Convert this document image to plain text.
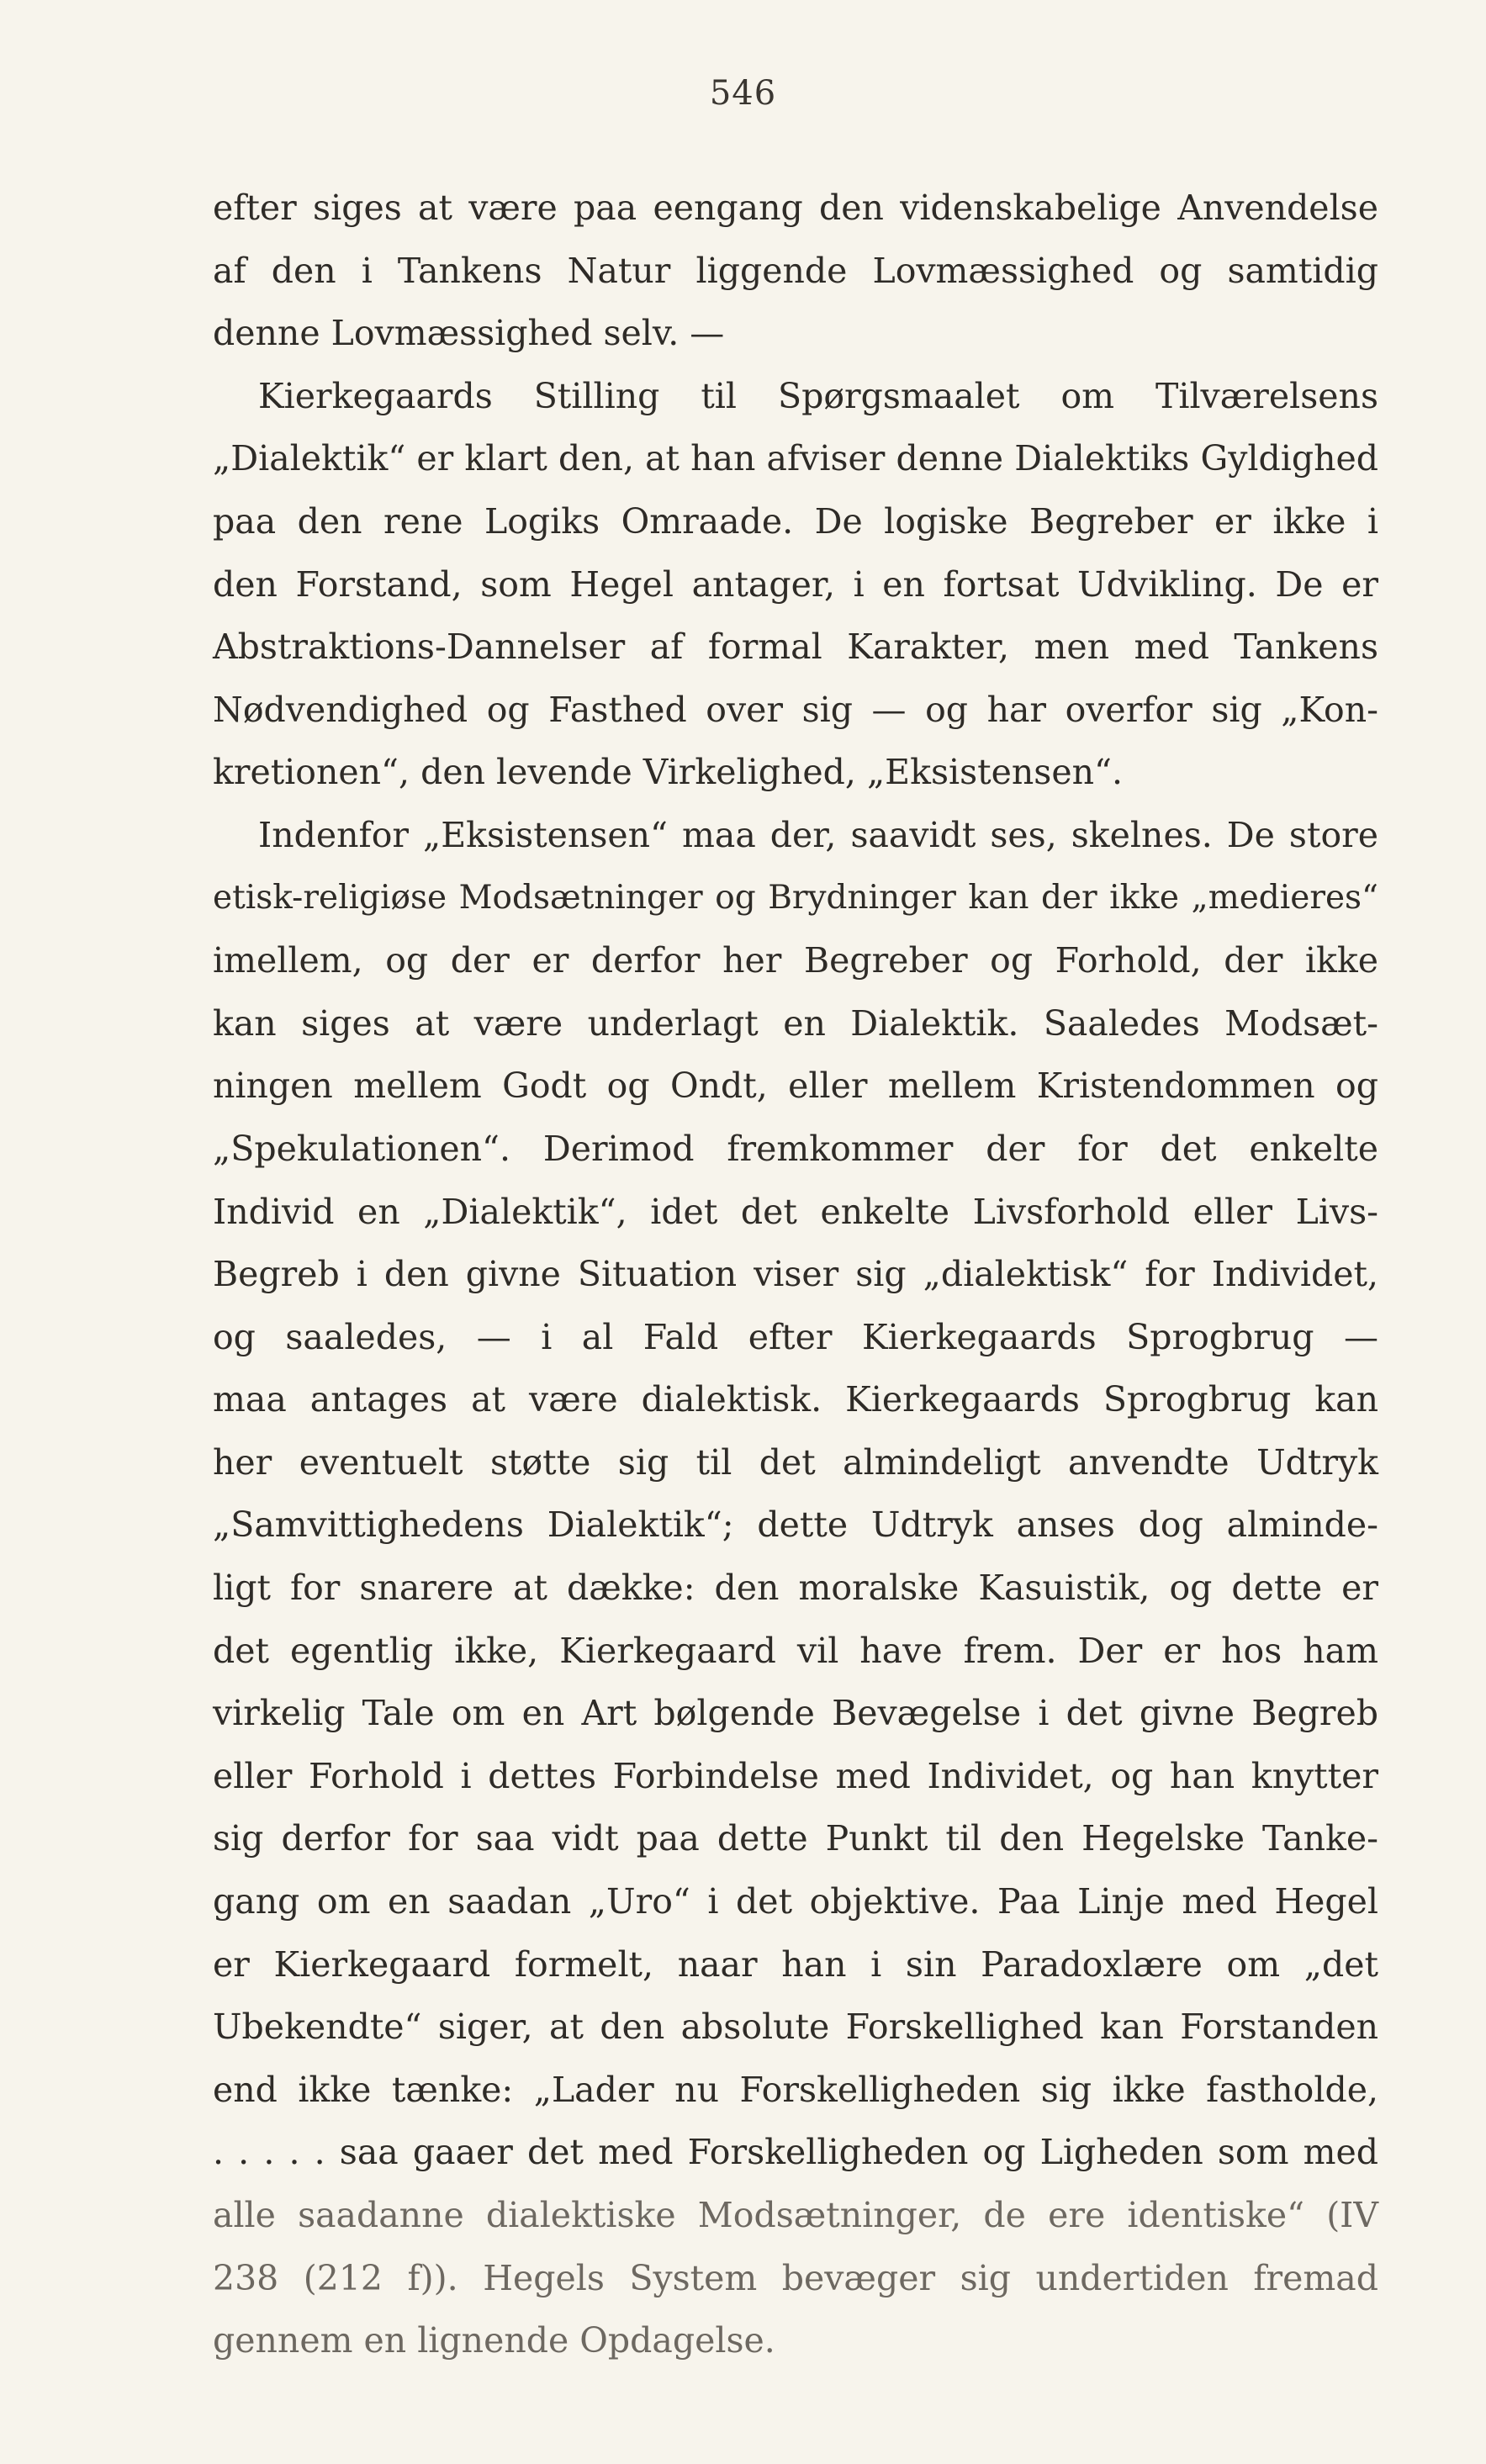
546
efter siges at være paa eengang den videnskabelige Anvendelse
af den i Tankens Natur liggende Lovmæssighed og samtidig
denne Lovmæssighed selv. —
Kierkegaards Stilling til Spørgsmaalet om Tilværelsens
„Dialektik“ er klart den, at han afviser denne Dialektiks Gyldighed
paa den rene Logiks Omraade. De logiske Begreber er ikke i
den Forstand, som Hegel antager, i en fortsat Udvikling. De er
Abstraktions-Dannelser af formal Karakter, men med Tankens
Nødvendighed og Fasthed over sig — og har overfor sig „Kon-
kretionen“, den levende Virkelighed, „Eksistensen“.
Indenfor „Eksistensen“ maa der, saavidt ses, skelnes. De store
etisk-religiøse Modsætninger og Brydninger kan der ikke „medieres“
imellem, og der er derfor her Begreber og Forhold, der ikke
kan siges at være underlagt en Dialektik. Saaledes Modsæt-
ningen mellem Godt og Ondt, eller mellem Kristendommen og
„Spekulationen“. Derimod fremkommer der for det enkelte
Individ en „Dialektik“, idet det enkelte Livsforhold eller Livs-
Begreb i den givne Situation viser sig „dialektisk“ for Individet,
og saaledes, — i al Fald efter Kierkegaards Sprogbrug —
maa antages at være dialektisk. Kierkegaards Sprogbrug kan
her eventuelt støtte sig til det almindeligt anvendte Udtryk
„Samvittighedens Dialektik“; dette Udtryk anses dog alminde-
ligt for snarere at dække: den moralske Kasuistik, og dette er
det egentlig ikke, Kierkegaard vil have frem. Der er hos ham
virkelig Tale om en Art bølgende Bevægelse i det givne Begreb
eller Forhold i dettes Forbindelse med Individet, og han knytter
sig derfor for saa vidt paa dette Punkt til den Hegelske Tanke-
gang om en saadan „Uro“ i det objektive. Paa Linje med Hegel
er Kierkegaard formelt, naar han i sin Paradoxlære om „det
Ubekendte“ siger, at den absolute Forskellighed kan Forstanden
end ikke tænke: „Lader nu Forskelligheden sig ikke fastholde,
. . . . . saa gaaer det med Forskelligheden og Ligheden som med
alle saadanne dialektiske Modsætninger, de ere identiske“ (IV
238 (212 f)). Hegels System bevæger sig undertiden fremad
gennem en lignende Opdagelse.
